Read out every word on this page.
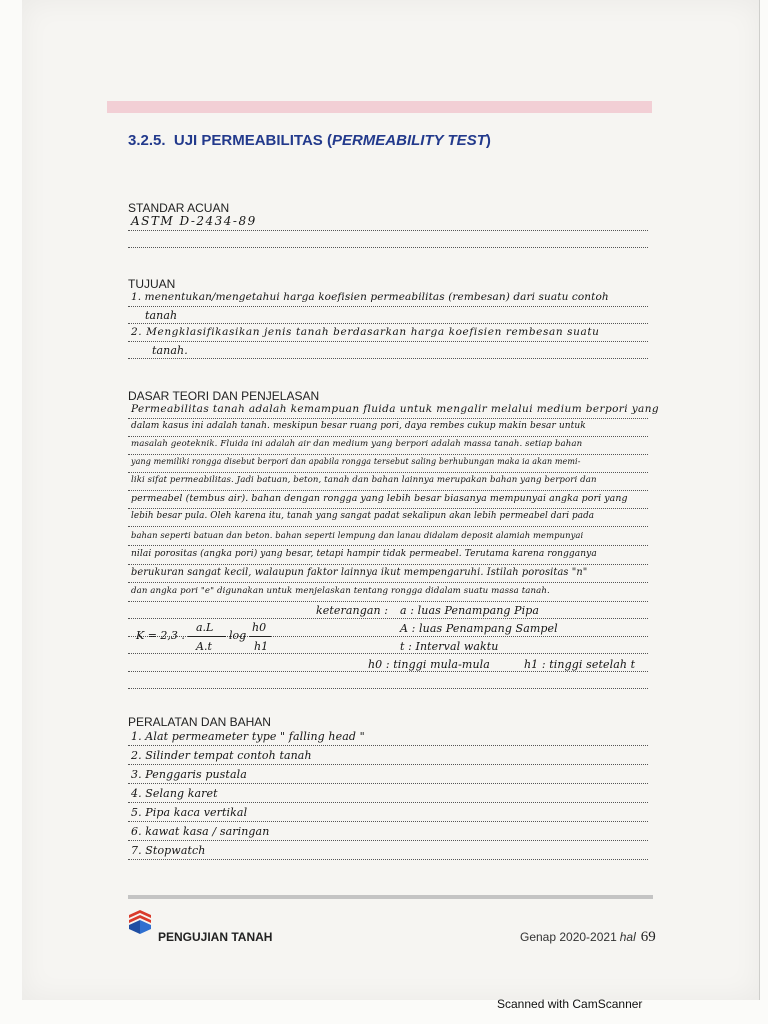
3.2.5. UJI PERMEABILITAS (PERMEABILITY TEST)
STANDAR ACUAN
ASTM D-2434-89
TUJUAN
1. menentukan/mengetahui harga koefisien permeabilitas (rembesan) dari suatu contoh
tanah
2. Mengklasifikasikan jenis tanah berdasarkan harga koefisien rembesan suatu
tanah.
DASAR TEORI DAN PENJELASAN
Permeabilitas tanah adalah kemampuan fluida untuk mengalir melalui medium berpori yang
dalam kasus ini adalah tanah. meskipun besar ruang pori, daya rembes cukup makin besar untuk
masalah geoteknik. Fluida ini adalah air dan medium yang berpori adalah massa tanah. setiap bahan
yang memiliki rongga disebut berpori dan apabila rongga tersebut saling berhubungan maka ia akan memi-
liki sifat permeabilitas. Jadi batuan, beton, tanah dan bahan lainnya merupakan bahan yang berpori dan
permeabel (tembus air). bahan dengan rongga yang lebih besar biasanya mempunyai angka pori yang
lebih besar pula. Oleh karena itu, tanah yang sangat padat sekalipun akan lebih permeabel dari pada
bahan seperti batuan dan beton. bahan seperti lempung dan lanau didalam deposit alamiah mempunyai
nilai porositas (angka pori) yang besar, tetapi hampir tidak permeabel. Terutama karena rongganya
berukuran sangat kecil, walaupun faktor lainnya ikut mempengaruhi. Istilah porositas "n"
dan angka pori "e" digunakan untuk menjelaskan tentang rongga didalam suatu massa tanah.
keterangan : a : luas Penampang Pipa
A : luas Penampang Sampel
t : Interval waktu
h0 : tinggi mula-mula	h1 : tinggi setelah t
K = 2,3 .
a.L
A.t
log
h0
h1
PERALATAN DAN BAHAN
1. Alat permeameter type " falling head "
2. Silinder tempat contoh tanah
3. Penggaris pustala
4. Selang karet
5. Pipa kaca vertikal
6. kawat kasa / saringan
7. Stopwatch
PENGUJIAN TANAH	Genap 2020-2021 hal 69
Scanned with CamScanner
